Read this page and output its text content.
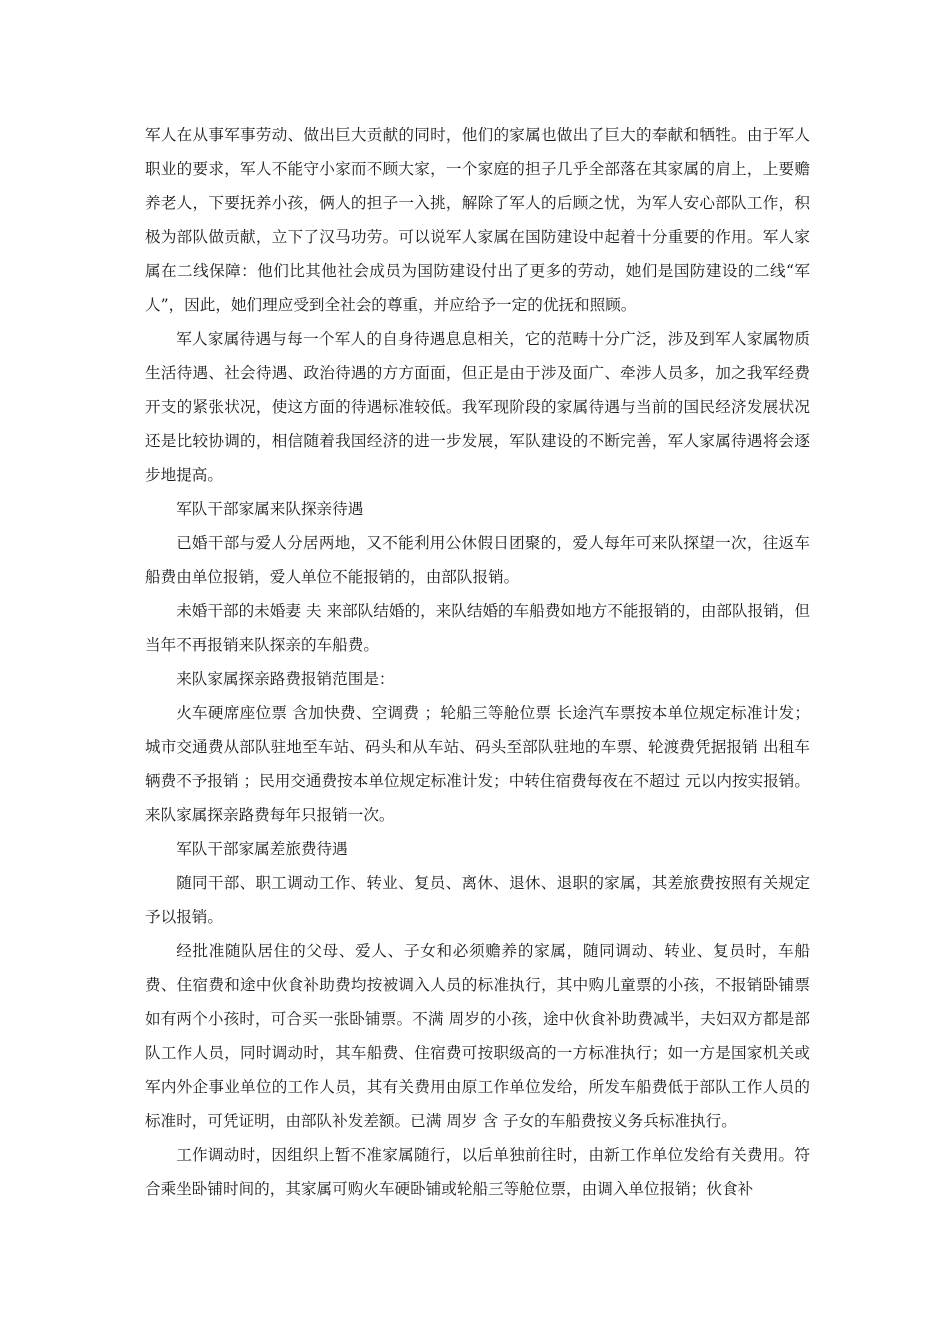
军人在从事军事劳动、做出巨大贡献的同时，他们的家属也做出了巨大的奉献和牺牲。由于军人职业的要求，军人不能守小家而不顾大家，一个家庭的担子几乎全部落在其家属的肩上，上要赡养老人，下要抚养小孩，俩人的担子一入挑，解除了军人的后顾之忧，为军人安心部队工作，积极为部队做贡献，立下了汉马功劳。可以说军人家属在国防建设中起着十分重要的作用。军人家属在二线保障：他们比其他社会成员为国防建设付出了更多的劳动，她们是国防建设的二线“军人”，因此，她们理应受到全社会的尊重，并应给予一定的优抚和照顾。

军人家属待遇与每一个军人的自身待遇息息相关，它的范畴十分广泛，涉及到军人家属物质生活待遇、社会待遇、政治待遇的方方面面，但正是由于涉及面广、牵涉人员多，加之我军经费开支的紧张状况，使这方面的待遇标准较低。我军现阶段的家属待遇与当前的国民经济发展状况还是比较协调的，相信随着我国经济的进一步发展，军队建设的不断完善，军人家属待遇将会逐步地提高。

军队干部家属来队探亲待遇

已婚干部与爱人分居两地，又不能利用公休假日团聚的，爱人每年可来队探望一次，往返车船费由单位报销，爱人单位不能报销的，由部队报销。

未婚干部的未婚妻 夫 来部队结婚的，来队结婚的车船费如地方不能报销的，由部队报销，但当年不再报销来队探亲的车船费。

来队家属探亲路费报销范围是：

火车硬席座位票 含加快费、空调费 ；轮船三等舱位票 长途汽车票按本单位规定标准计发；城市交通费从部队驻地至车站、码头和从车站、码头至部队驻地的车票、轮渡费凭据报销 出租车辆费不予报销 ；民用交通费按本单位规定标准计发；中转住宿费每夜在不超过 元以内按实报销。来队家属探亲路费每年只报销一次。

军队干部家属差旅费待遇

随同干部、职工调动工作、转业、复员、离休、退休、退职的家属，其差旅费按照有关规定予以报销。

经批准随队居住的父母、爱人、子女和必须赡养的家属，随同调动、转业、复员时，车船费、住宿费和途中伙食补助费均按被调入人员的标准执行，其中购儿童票的小孩，不报销卧铺票 如有两个小孩时，可合买一张卧铺票。不满 周岁的小孩，途中伙食补助费减半，夫妇双方都是部队工作人员，同时调动时，其车船费、住宿费可按职级高的一方标准执行；如一方是国家机关或军内外企事业单位的工作人员，其有关费用由原工作单位发给，所发车船费低于部队工作人员的标准时，可凭证明，由部队补发差额。已满 周岁 含 子女的车船费按义务兵标准执行。

工作调动时，因组织上暂不准家属随行，以后单独前往时，由新工作单位发给有关费用。符合乘坐卧铺时间的，其家属可购火车硬卧铺或轮船三等舱位票，由调入单位报销；伙食补
